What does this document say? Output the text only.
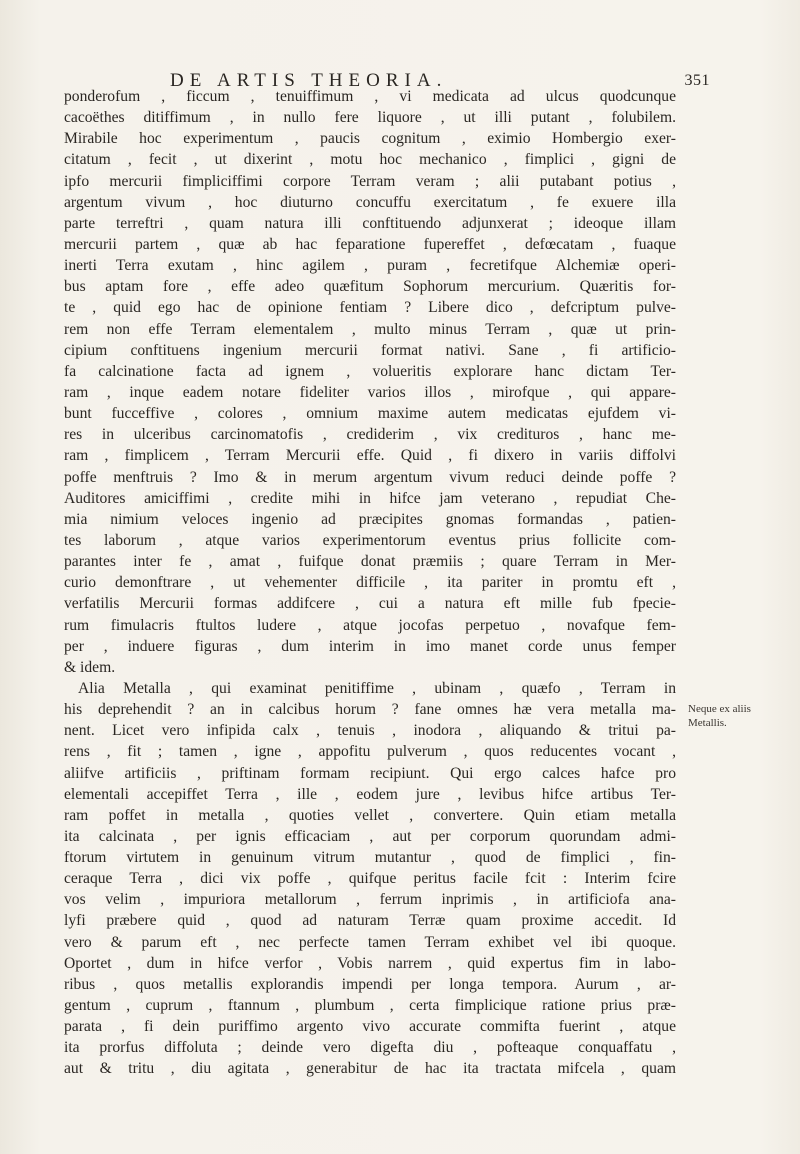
DE ARTIS THEORIA.	351
ponderofum , ficcum , tenuiffimum , vi medicata ad ulcus quodcunque
cacoëthes ditiffimum , in nullo fere liquore , ut illi putant , folubilem.
Mirabile hoc experimentum , paucis cognitum , eximio Hombergio exer-
citatum , fecit , ut dixerint , motu hoc mechanico , fimplici , gigni de
ipfo mercurii fimpliciffimi corpore Terram veram ; alii putabant potius ,
argentum vivum , hoc diuturno concuffu exercitatum , fe exuere illa
parte terreftri , quam natura illi conftituendo adjunxerat ; ideoque illam
mercurii partem , quæ ab hac feparatione fupereffet , defœcatam , fuaque
inerti Terra exutam , hinc agilem , puram , fecretifque Alchemiæ operi-
bus aptam fore , effe adeo quæfitum Sophorum mercurium. Quæritis for-
te , quid ego hac de opinione fentiam ? Libere dico , defcriptum pulve-
rem non effe Terram elementalem , multo minus Terram , quæ ut prin-
cipium conftituens ingenium mercurii format nativi. Sane , fi artificio-
fa calcinatione facta ad ignem , volueritis explorare hanc dictam Ter-
ram , inque eadem notare fideliter varios illos , mirofque , qui appare-
bunt fucceffive , colores , omnium maxime autem medicatas ejufdem vi-
res in ulceribus carcinomatofis , crediderim , vix credituros , hanc me-
ram , fimplicem , Terram Mercurii effe. Quid , fi dixero in variis diffolvi
poffe menftruis ? Imo & in merum argentum vivum reduci deinde poffe ?
Auditores amiciffimi , credite mihi in hifce jam veterano , repudiat Che-
mia nimium veloces ingenio ad præcipites gnomas formandas , patien-
tes laborum , atque varios experimentorum eventus prius follicite com-
parantes inter fe , amat , fuifque donat præmiis ; quare Terram in Mer-
curio demonftrare , ut vehementer difficile , ita pariter in promtu eft ,
verfatilis Mercurii formas addifcere , cui a natura eft mille fub fpecie-
rum fimulacris ftultos ludere , atque jocofas perpetuo , novafque fem-
per , induere figuras , dum interim in imo manet corde unus femper
& idem.
Alia Metalla , qui examinat penitiffime , ubinam , quæfo , Terram in
his deprehendit ? an in calcibus horum ? fane omnes hæ vera metalla ma-
nent. Licet vero infipida calx , tenuis , inodora , aliquando & tritui pa-
rens , fit ; tamen , igne , appofitu pulverum , quos reducentes vocant ,
aliifve artificiis , priftinam formam recipiunt. Qui ergo calces hafce pro
elementali accepiffet Terra , ille , eodem jure , levibus hifce artibus Ter-
ram poffet in metalla , quoties vellet , convertere. Quin etiam metalla
ita calcinata , per ignis efficaciam , aut per corporum quorundam admi-
ftorum virtutem in genuinum vitrum mutantur , quod de fimplici , fin-
ceraque Terra , dici vix poffe , quifque peritus facile fcit : Interim fcire
vos velim , impuriora metallorum , ferrum inprimis , in artificiofa ana-
lyfi præbere quid , quod ad naturam Terræ quam proxime accedit. Id
vero & parum eft , nec perfecte tamen Terram exhibet vel ibi quoque.
Oportet , dum in hifce verfor , Vobis narrem , quid expertus fim in labo-
ribus , quos metallis explorandis impendi per longa tempora. Aurum , ar-
gentum , cuprum , ftannum , plumbum , certa fimplicique ratione prius præ-
parata , fi dein puriffimo argento vivo accurate commifta fuerint , atque
ita prorfus diffoluta ; deinde vero digefta diu , pofteaque conquaffatu ,
aut & tritu , diu agitata , generabitur de hac ita tractata mifcela , quam
Neque ex aliis Metallis.
